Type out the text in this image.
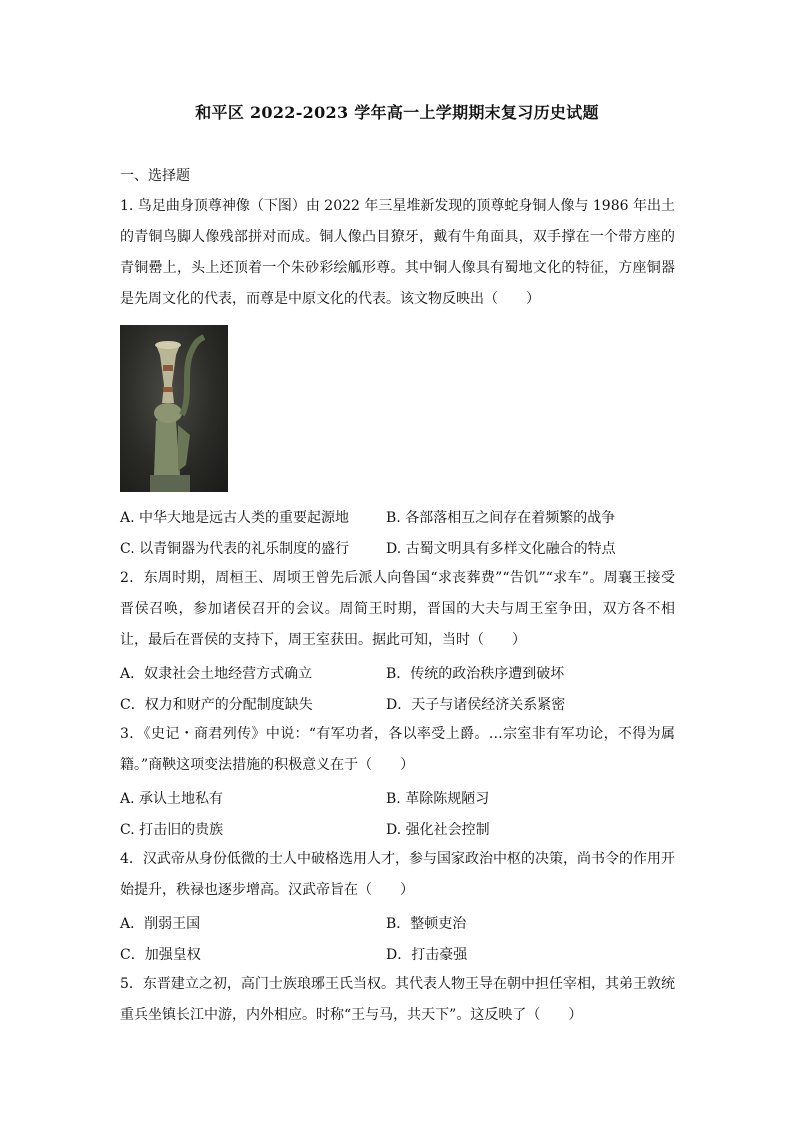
和平区 2022-2023 学年高一上学期期末复习历史试题
一、选择题
1. 鸟足曲身顶尊神像（下图）由 2022 年三星堆新发现的顶尊蛇身铜人像与 1986 年出土的青铜鸟脚人像残部拼对而成。铜人像凸目獠牙，戴有牛角面具，双手撑在一个带方座的青铜罍上，头上还顶着一个朱砂彩绘觚形尊。其中铜人像具有蜀地文化的特征，方座铜器是先周文化的代表，而尊是中原文化的代表。该文物反映出（　　）
A. 中华大地是远古人类的重要起源地	B. 各部落相互之间存在着频繁的战争
C. 以青铜器为代表的礼乐制度的盛行	D. 古蜀文明具有多样文化融合的特点
2．东周时期，周桓王、周顷王曾先后派人向鲁国“求丧葬费”“告饥”“求车”。周襄王接受晋侯召唤，参加诸侯召开的会议。周简王时期，晋国的大夫与周王室争田，双方各不相让，最后在晋侯的支持下，周王室获田。据此可知，当时（　　）
A．奴隶社会土地经营方式确立	B．传统的政治秩序遭到破坏
C．权力和财产的分配制度缺失	D．天子与诸侯经济关系紧密
3．《史记・商君列传》中说：“有军功者，各以率受上爵。…宗室非有军功论，不得为属籍。”商鞅这项变法措施的积极意义在于（　　）
A. 承认土地私有	B. 革除陈规陋习
C. 打击旧的贵族	D. 强化社会控制
4．汉武帝从身份低微的士人中破格选用人才，参与国家政治中枢的决策，尚书令的作用开始提升，秩禄也逐步增高。汉武帝旨在（　　）
A．削弱王国	B．整顿吏治
C．加强皇权	D．打击豪强
5．东晋建立之初，高门士族琅琊王氏当权。其代表人物王导在朝中担任宰相，其弟王敦统重兵坐镇长江中游，内外相应。时称“王与马，共天下”。这反映了（　　）
